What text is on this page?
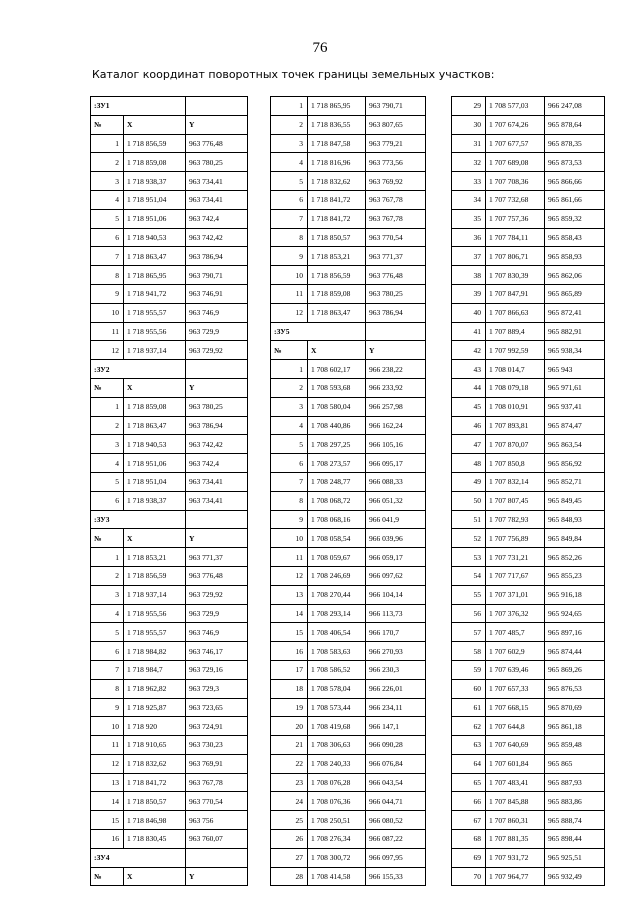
76
Каталог координат поворотных точек границы земельных участков:
:ЗУ1		
№	X	Y
1	1 718 856,59	963 776,48
2	1 718 859,08	963 780,25
3	1 718 938,37	963 734,41
4	1 718 951,04	963 734,41
5	1 718 951,06	963 742,4
6	1 718 940,53	963 742,42
7	1 718 863,47	963 786,94
8	1 718 865,95	963 790,71
9	1 718 941,72	963 746,91
10	1 718 955,57	963 746,9
11	1 718 955,56	963 729,9
12	1 718 937,14	963 729,92
:ЗУ2		
№	X	Y
1	1 718 859,08	963 780,25
2	1 718 863,47	963 786,94
3	1 718 940,53	963 742,42
4	1 718 951,06	963 742,4
5	1 718 951,04	963 734,41
6	1 718 938,37	963 734,41
:ЗУ3		
№	X	Y
1	1 718 853,21	963 771,37
2	1 718 856,59	963 776,48
3	1 718 937,14	963 729,92
4	1 718 955,56	963 729,9
5	1 718 955,57	963 746,9
6	1 718 984,82	963 746,17
7	1 718 984,7	963 729,16
8	1 718 962,82	963 729,3
9	1 718 925,87	963 723,65
10	1 718 920	963 724,91
11	1 718 910,65	963 730,23
12	1 718 832,62	963 769,91
13	1 718 841,72	963 767,78
14	1 718 850,57	963 770,54
15	1 718 846,98	963 756
16	1 718 830,45	963 760,07
:ЗУ4		
№	X	Y
1	1 718 865,95	963 790,71
2	1 718 836,55	963 807,65
3	1 718 847,58	963 779,21
4	1 718 816,96	963 773,56
5	1 718 832,62	963 769,92
6	1 718 841,72	963 767,78
7	1 718 841,72	963 767,78
8	1 718 850,57	963 770,54
9	1 718 853,21	963 771,37
10	1 718 856,59	963 776,48
11	1 718 859,08	963 780,25
12	1 718 863,47	963 786,94
:ЗУ5		
№	X	Y
1	1 708 602,17	966 238,22
2	1 708 593,68	966 233,92
3	1 708 580,04	966 257,98
4	1 708 440,86	966 162,24
5	1 708 297,25	966 105,16
6	1 708 273,57	966 095,17
7	1 708 248,77	966 088,33
8	1 708 068,72	966 051,32
9	1 708 068,16	966 041,9
10	1 708 058,54	966 039,96
11	1 708 059,67	966 059,17
12	1 708 246,69	966 097,62
13	1 708 270,44	966 104,14
14	1 708 293,14	966 113,73
15	1 708 406,54	966 170,7
16	1 708 583,63	966 270,93
17	1 708 586,52	966 230,3
18	1 708 578,04	966 226,01
19	1 708 573,44	966 234,11
20	1 708 419,68	966 147,1
21	1 708 306,63	966 090,28
22	1 708 240,33	966 076,84
23	1 708 076,28	966 043,54
24	1 708 076,36	966 044,71
25	1 708 250,51	966 080,52
26	1 708 276,34	966 087,22
27	1 708 300,72	966 097,95
28	1 708 414,58	966 155,33
29	1 708 577,03	966 247,08
30	1 707 674,26	965 878,64
31	1 707 677,57	965 878,35
32	1 707 689,08	965 873,53
33	1 707 708,36	965 866,66
34	1 707 732,68	965 861,66
35	1 707 757,36	965 859,32
36	1 707 784,11	965 858,43
37	1 707 806,71	965 858,93
38	1 707 830,39	965 862,06
39	1 707 847,91	965 865,89
40	1 707 866,63	965 872,41
41	1 707 889,4	965 882,91
42	1 707 992,59	965 938,34
43	1 708 014,7	965 943
44	1 708 079,18	965 971,61
45	1 708 010,91	965 937,41
46	1 707 893,81	965 874,47
47	1 707 870,07	965 863,54
48	1 707 850,8	965 856,92
49	1 707 832,14	965 852,71
50	1 707 807,45	965 849,45
51	1 707 782,93	965 848,93
52	1 707 756,89	965 849,84
53	1 707 731,21	965 852,26
54	1 707 717,67	965 855,23
55	1 707 371,01	965 916,18
56	1 707 376,32	965 924,65
57	1 707 485,7	965 897,16
58	1 707 602,9	965 874,44
59	1 707 639,46	965 869,26
60	1 707 657,33	965 876,53
61	1 707 668,15	965 870,69
62	1 707 644,8	965 861,18
63	1 707 640,69	965 859,48
64	1 707 601,84	965 865
65	1 707 483,41	965 887,93
66	1 707 845,88	965 883,86
67	1 707 860,31	965 888,74
68	1 707 881,35	965 898,44
69	1 707 931,72	965 925,51
70	1 707 964,77	965 932,49
